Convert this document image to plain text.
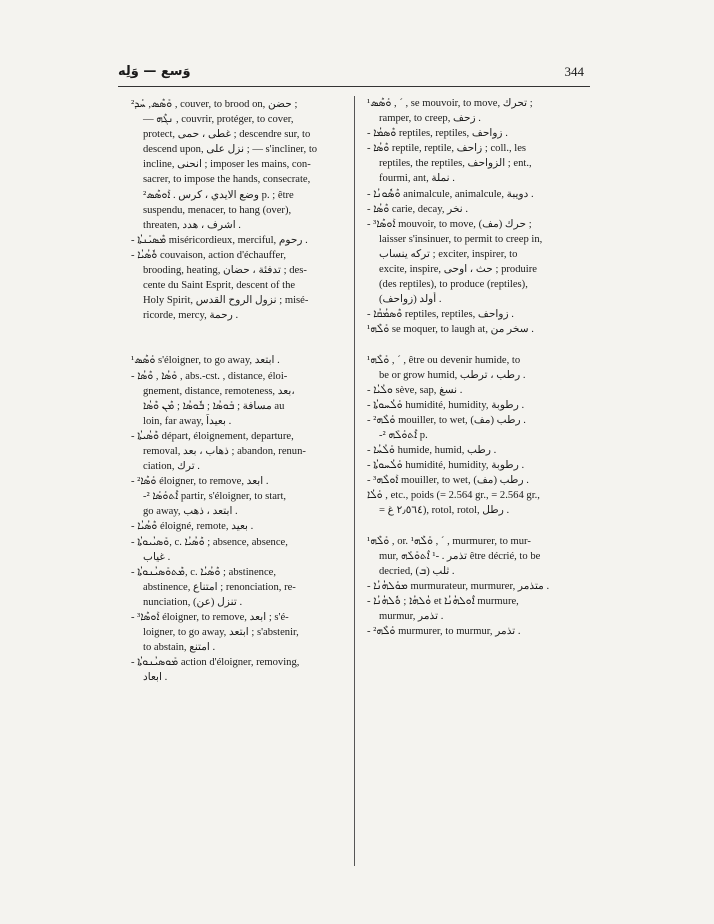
وَسع — وَلِه	344
²ܘܰܣܶܣ, ܚܰܕ , couver, to brood on, حضن ;
— ܢܓܶܗ , couvrir, protéger, to cover,
protect, غطى ، حمى ; descendre sur, to
descend upon, نزل على ; — s'incliner, to
incline, انحنى ; imposer les mains, con-
sacrer, to impose the hands, consecrate,
وضع الايدي ، كرس . ܐܰܘܣܶܣ² p. ; être
suspendu, menacer, to hang (over),
threaten, اشرف ، هدد .
- ܡܶܣܝܰܢܬܳܐ miséricordieux, merciful, رحوم .
- ܘܽܣܳܝܳܐ couvaison, action d'échauffer,
brooding, heating, تدفئة ، حضان ; des-
cente du Saint Esprit, descent of the
Holy Spirit, نزول الروح القدس ; misé-
ricorde, mercy, رحمة .
¹ܘܰܣܶܣ s'éloigner, to go away, ابتعد .
- ܘܰܣܳܐ , ܘܶܣܳܐ , abs.-cst. , distance, éloi-
gnement, distance, remoteness, بعد،
مسافة ; ܒܰܘܣܳܐ ; ܒܽܘܣܳܐ ; ܡܶܢ ܘܶܣܳܐ au
loin, far away, بعيداً .
- ܘܶܣܳܝܬܳܐ départ, éloignement, departure,
removal, ذهاب ، بعد ; abandon, renun-
ciation, ترك .
- ²ܘܰܣܶܐ éloigner, to remove, ابعد .
-² ܐܶܬܘܰܣܰܐ partir, s'éloigner, to start,
go away, ابتعد ، ذهب .
- ܘܶܣܳܝܳܐ éloigné, remote, بعيد .
- ܘܰܣܝܳܝܘܬܳܐ, c. ܘܶܣܳܝܳܐ ; absence, absence,
غياب .
- ܡܶܬܘܰܣܝܳܢܘܬܳܐ, c. ܘܶܣܳܝܳܐ ; abstinence,
abstinence, امتناع ; renonciation, re-
nunciation, تنزل (عن) .
- ³ܐܰܘܣܶܐ éloigner, to remove, ابعد ; s'é-
loigner, to go away, ابتعد ; s'abstenir,
to abstain, امتنع .
- ܡܰܘܣܝܳܢܘܬܳܐ action d'éloigner, removing,
ابعاد .
¹ܘܰܣܶܣ , ˊ , se mouvoir, to move, تحرك ;
ramper, to creep, زحف .
- ܘܶܣܡܳܐ reptiles, reptiles, زواحف .
- ܘܶܣܳܐ reptile, reptile, زاحف ; coll., les
reptiles, the reptiles, الزواحف ; ent.,
fourmi, ant, نملة .
- ܘܶܣܽܘܢܳܐ animalcule, animalcule, دويبة .
- ܘܶܣܳܐ carie, decay, نخر .
- ³ܐܰܘܣܶܐ mouvoir, to move, حرك (مف) ;
laisser s'insinuer, to permit to creep in,
تركه ينساب ; exciter, inspirer, to
excite, inspire, حث ، اوحى ; produire
(des reptiles), to produce (reptiles),
أولد (زواحف) .
- ܘܶܣܡܳܩܳܐ reptiles, reptiles, زواحف .
¹ܘܰܠܶܗ se moquer, to laugh at, سخر من .
¹ܘܰܠܶܗ , ˊ , être ou devenir humide, to
be or grow humid, رطب ، ترطب .
- ܘܠܳܝܳܐ sève, sap, نسغ .
- ܘܰܠܳܚܘܬܳܐ humidité, humidity, رطوبة .
- ²ܘܰܠܶܗ mouiller, to wet, رطب (مف) .
-² ܐܶܬܘܰܠܰܗ p.
- ܘܰܠܳܚܳܐ humide, humid, رطب .
- ܘܰܠܳܚܘܬܳܐ humidité, humidity, رطوبة .
- ³ܐܰܘܠܶܗ mouiller, to wet, رطب (مف) .
ܘܰܠܳܐ , etc., poids (= 2.564 gr., = 2.564 gr.,
= ٢٫٥٦٤ غ), rotol, rotol, رطل .
¹ܘܰܠܶܗ , or. ¹ܘܰܠܶܗ , ˊ , murmurer, to mur-
mur, تذمر . -¹ ܐܶܬܘܰܠܰܗ être décrié, to be
decried, (ܒ) ثلب .
- ܡܘܰܠܗܳܢܳܐ murmurateur, murmurer, متذمر .
- ܘܳܠܗܳܐ ; ܘܽܠܗܳܢܳܐ et ܐܶܘܠܗܳܢܳܐ murmure,
murmur, تذمر .
- ²ܘܰܠܶܗ murmurer, to murmur, تذمر .
